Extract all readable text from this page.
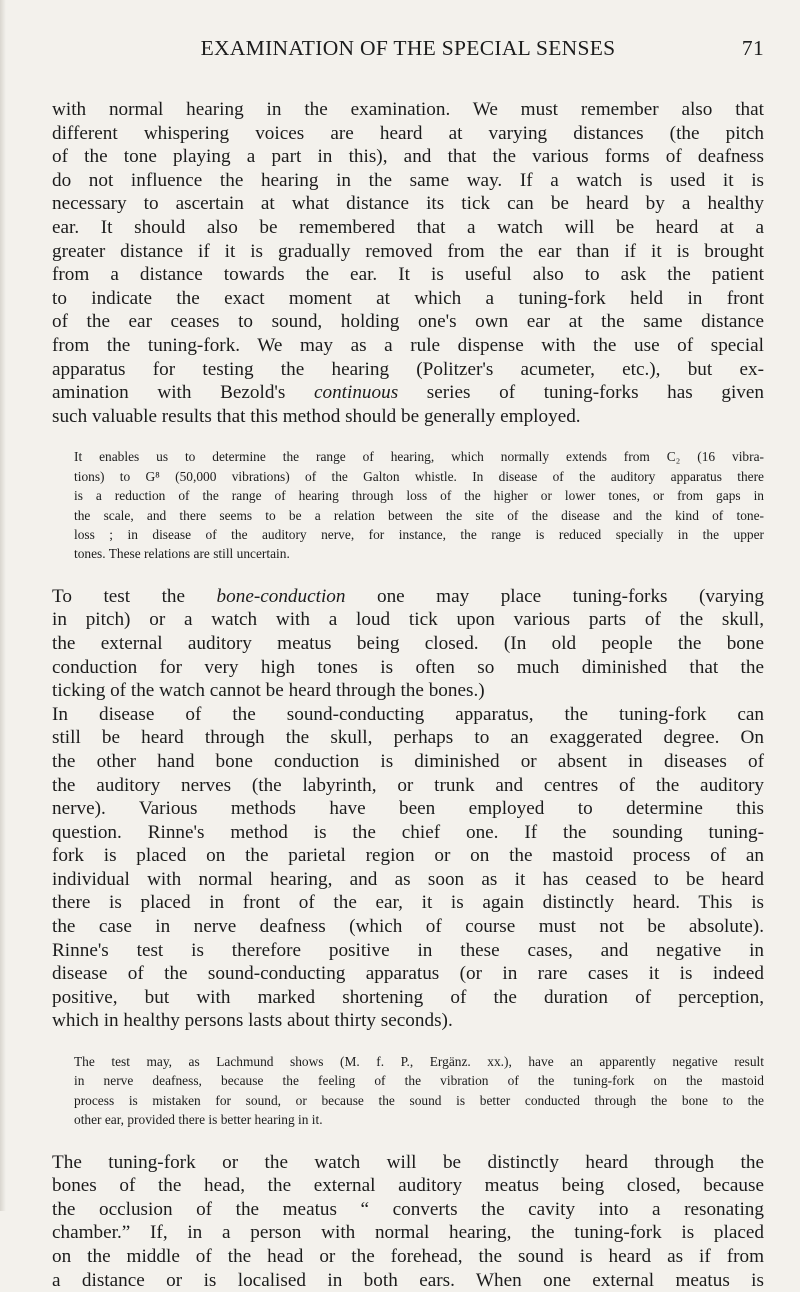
EXAMINATION OF THE SPECIAL SENSES	71
with normal hearing in the examination. We must remember also that
different whispering voices are heard at varying distances (the pitch
of the tone playing a part in this), and that the various forms of deafness
do not influence the hearing in the same way. If a watch is used it is
necessary to ascertain at what distance its tick can be heard by a healthy
ear. It should also be remembered that a watch will be heard at a
greater distance if it is gradually removed from the ear than if it is brought
from a distance towards the ear. It is useful also to ask the patient
to indicate the exact moment at which a tuning-fork held in front
of the ear ceases to sound, holding one's own ear at the same distance
from the tuning-fork. We may as a rule dispense with the use of special
apparatus for testing the hearing (Politzer's acumeter, etc.), but ex-
amination with Bezold's continuous series of tuning-forks has given
such valuable results that this method should be generally employed.
It enables us to determine the range of hearing, which normally extends from C₂ (16 vibra-
tions) to G⁸ (50,000 vibrations) of the Galton whistle. In disease of the auditory apparatus there
is a reduction of the range of hearing through loss of the higher or lower tones, or from gaps in
the scale, and there seems to be a relation between the site of the disease and the kind of tone-
loss ; in disease of the auditory nerve, for instance, the range is reduced specially in the upper
tones. These relations are still uncertain.
To test the bone-conduction one may place tuning-forks (varying
in pitch) or a watch with a loud tick upon various parts of the skull,
the external auditory meatus being closed. (In old people the bone
conduction for very high tones is often so much diminished that the
ticking of the watch cannot be heard through the bones.)
In disease of the sound-conducting apparatus, the tuning-fork can
still be heard through the skull, perhaps to an exaggerated degree. On
the other hand bone conduction is diminished or absent in diseases of
the auditory nerves (the labyrinth, or trunk and centres of the auditory
nerve). Various methods have been employed to determine this
question. Rinne's method is the chief one. If the sounding tuning-
fork is placed on the parietal region or on the mastoid process of an
individual with normal hearing, and as soon as it has ceased to be heard
there is placed in front of the ear, it is again distinctly heard. This is
the case in nerve deafness (which of course must not be absolute).
Rinne's test is therefore positive in these cases, and negative in
disease of the sound-conducting apparatus (or in rare cases it is indeed
positive, but with marked shortening of the duration of perception,
which in healthy persons lasts about thirty seconds).
The test may, as Lachmund shows (M. f. P., Ergänz. xx.), have an apparently negative result
in nerve deafness, because the feeling of the vibration of the tuning-fork on the mastoid
process is mistaken for sound, or because the sound is better conducted through the bone to the
other ear, provided there is better hearing in it.
The tuning-fork or the watch will be distinctly heard through the
bones of the head, the external auditory meatus being closed, because
the occlusion of the meatus “ converts the cavity into a resonating
chamber.” If, in a person with normal hearing, the tuning-fork is placed
on the middle of the head or the forehead, the sound is heard as if from
a distance or is localised in both ears. When one external meatus is
